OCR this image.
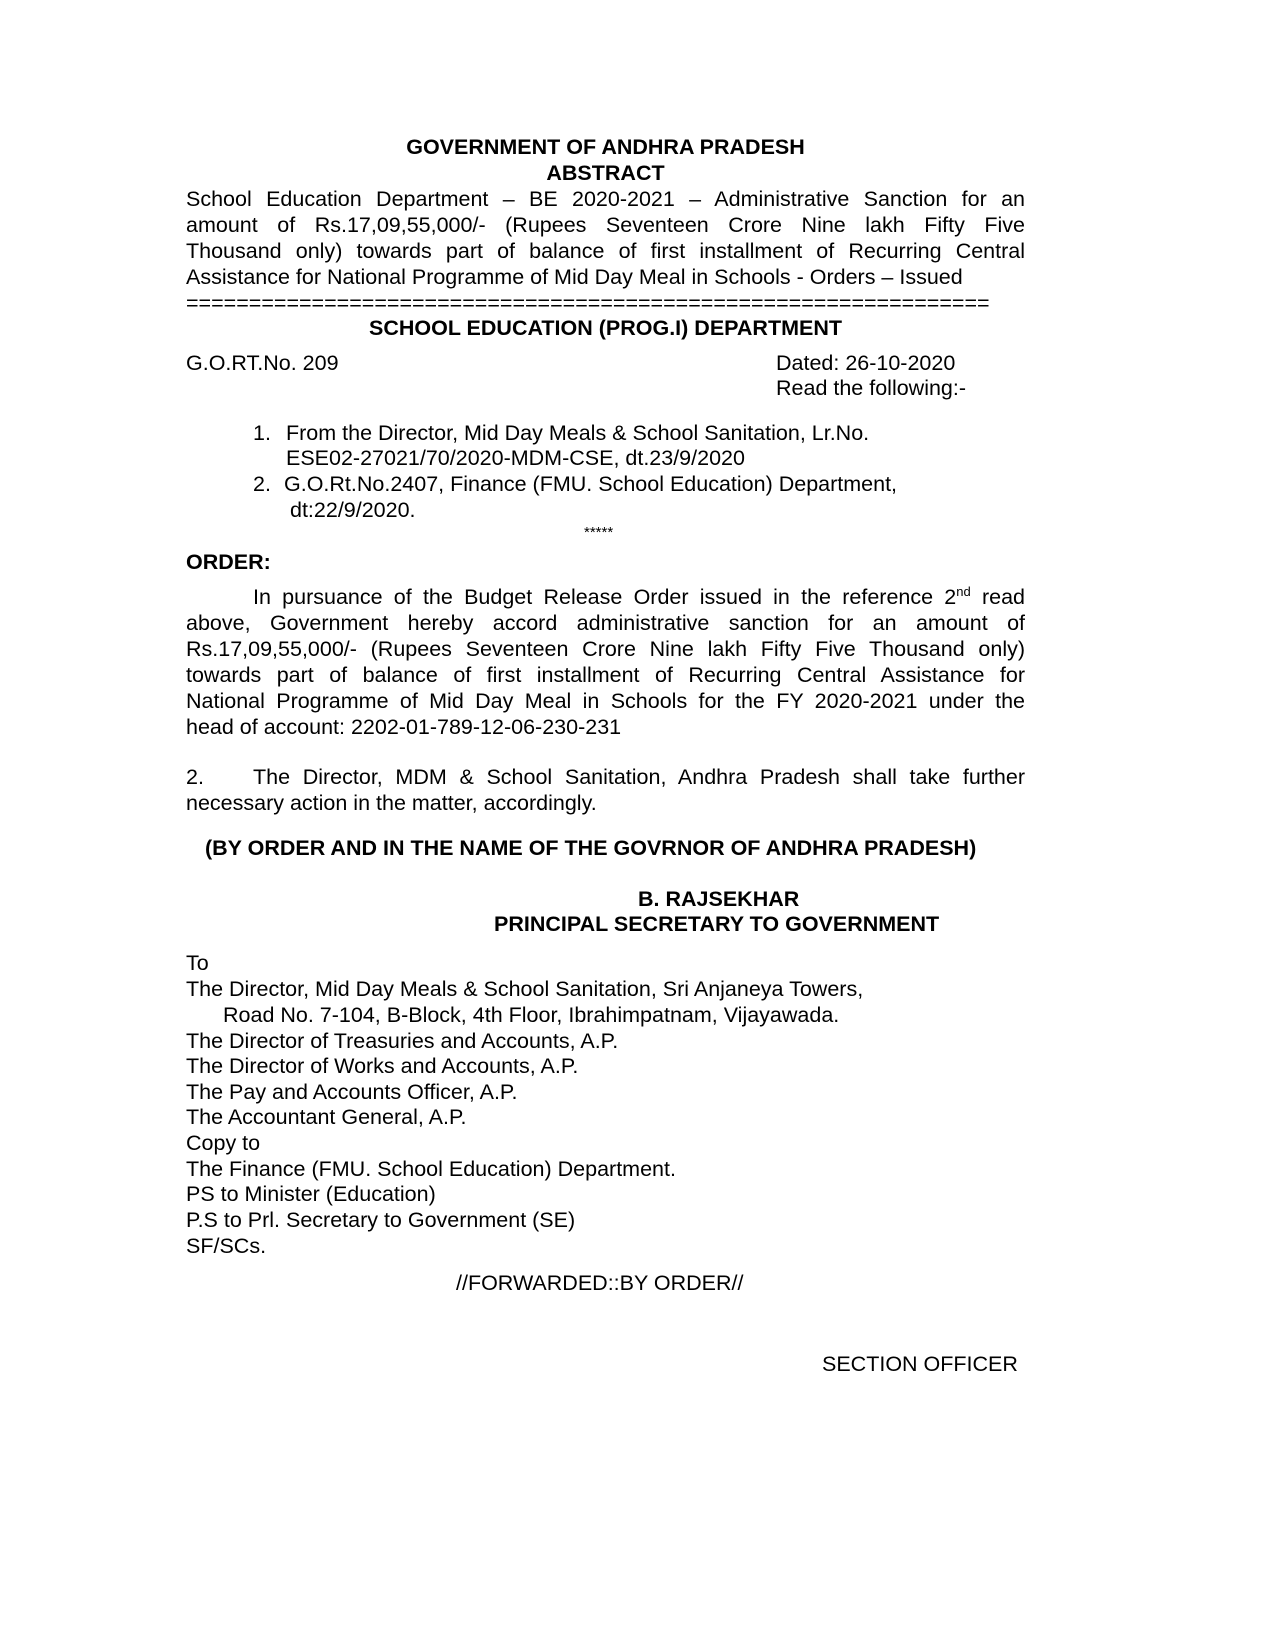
GOVERNMENT OF ANDHRA PRADESH
ABSTRACT
School Education Department – BE 2020-2021 – Administrative Sanction for an
amount of Rs.17,09,55,000/- (Rupees Seventeen Crore Nine lakh Fifty Five
Thousand only) towards part of balance of first installment of Recurring Central
Assistance for National Programme of Mid Day Meal in Schools - Orders – Issued
================================================================
SCHOOL EDUCATION (PROG.I) DEPARTMENT
G.O.RT.No. 209	Dated: 26-10-2020
Read the following:-
1. From the Director, Mid Day Meals & School Sanitation, Lr.No.
ESE02-27021/70/2020-MDM-CSE, dt.23/9/2020
2. G.O.Rt.No.2407, Finance (FMU. School Education) Department,
dt:22/9/2020.
*****
ORDER:
In pursuance of the Budget Release Order issued in the reference 2nd read
above, Government hereby accord administrative sanction for an amount of
Rs.17,09,55,000/- (Rupees Seventeen Crore Nine lakh Fifty Five Thousand only)
towards part of balance of first installment of Recurring Central Assistance for
National Programme of Mid Day Meal in Schools for the FY 2020-2021 under the
head of account: 2202-01-789-12-06-230-231
2.	The Director, MDM & School Sanitation, Andhra Pradesh shall take further
necessary action in the matter, accordingly.
(BY ORDER AND IN THE NAME OF THE GOVRNOR OF ANDHRA PRADESH)
B. RAJSEKHAR
PRINCIPAL SECRETARY TO GOVERNMENT
To
The Director, Mid Day Meals & School Sanitation, Sri Anjaneya Towers,
Road No. 7-104, B-Block, 4th Floor, Ibrahimpatnam, Vijayawada.
The Director of Treasuries and Accounts, A.P.
The Director of Works and Accounts, A.P.
The Pay and Accounts Officer, A.P.
The Accountant General, A.P.
Copy to
The Finance (FMU. School Education) Department.
PS to Minister (Education)
P.S to Prl. Secretary to Government (SE)
SF/SCs.
//FORWARDED::BY ORDER//
SECTION OFFICER
